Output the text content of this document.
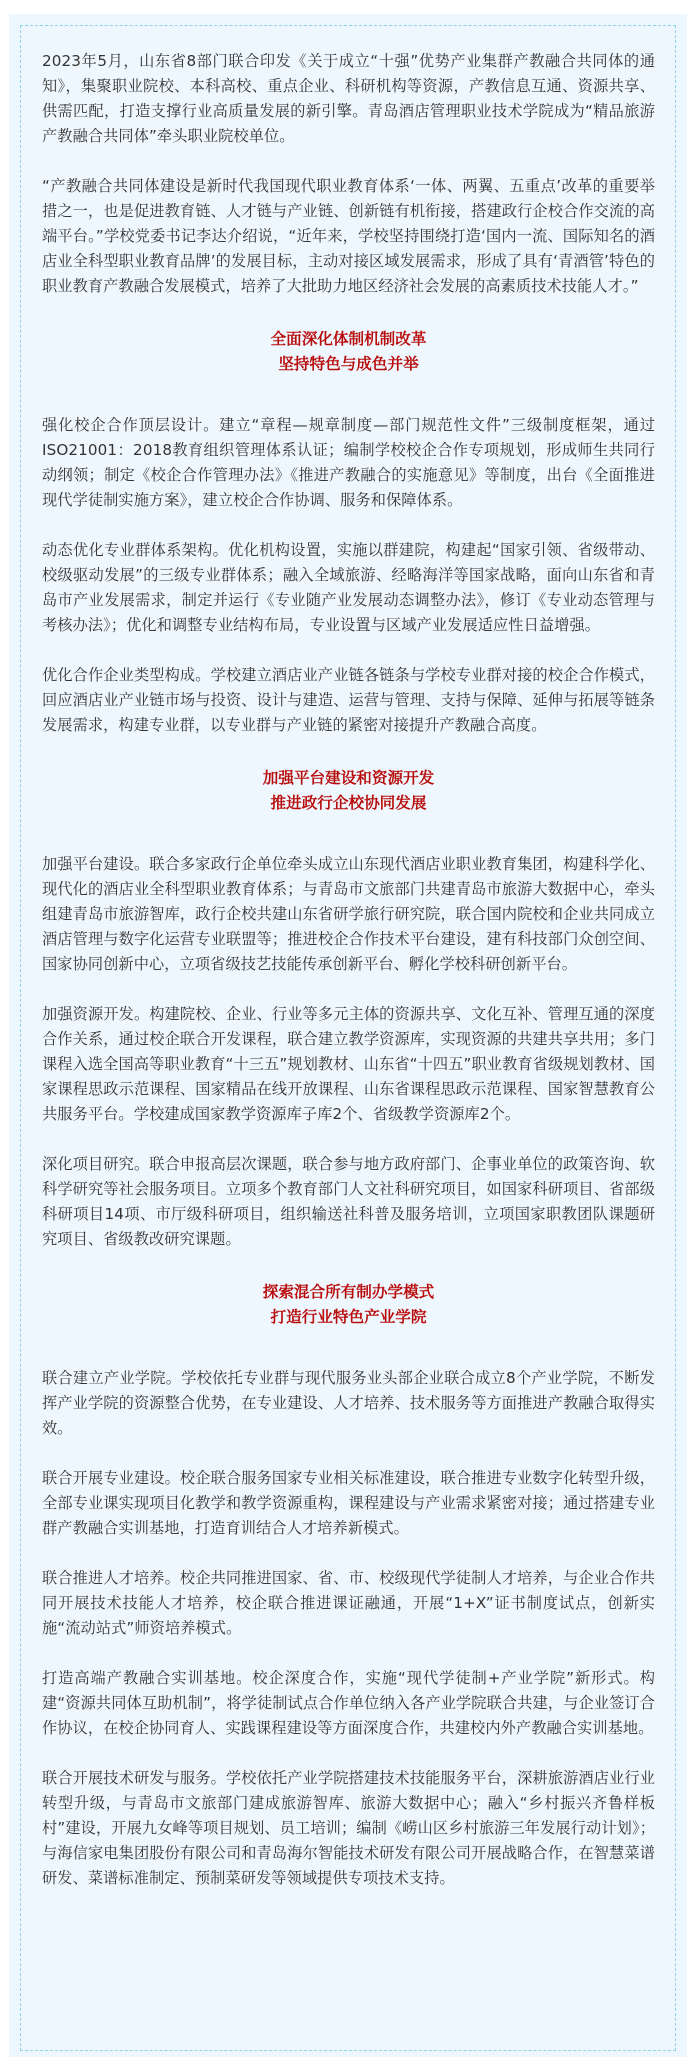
2023年5月，山东省8部门联合印发《关于成立“十强”优势产业集群产教融合共同体的通知》，集聚职业院校、本科高校、重点企业、科研机构等资源，产教信息互通、资源共享、供需匹配，打造支撑行业高质量发展的新引擎。青岛酒店管理职业技术学院成为“精品旅游产教融合共同体”牵头职业院校单位。

“产教融合共同体建设是新时代我国现代职业教育体系‘一体、两翼、五重点’改革的重要举措之一，也是促进教育链、人才链与产业链、创新链有机衔接，搭建政行企校合作交流的高端平台。”学校党委书记李达介绍说，“近年来，学校坚持围绕打造‘国内一流、国际知名的酒店业全科型职业教育品牌’的发展目标，主动对接区域发展需求，形成了具有‘青酒管’特色的职业教育产教融合发展模式，培养了大批助力地区经济社会发展的高素质技术技能人才。”

全面深化体制机制改革
坚持特色与成色并举

强化校企合作顶层设计。建立“章程—规章制度—部门规范性文件”三级制度框架，通过ISO21001：2018教育组织管理体系认证；编制学校校企合作专项规划，形成师生共同行动纲领；制定《校企合作管理办法》《推进产教融合的实施意见》等制度，出台《全面推进现代学徒制实施方案》，建立校企合作协调、服务和保障体系。

动态优化专业群体系架构。优化机构设置，实施以群建院，构建起“国家引领、省级带动、校级驱动发展”的三级专业群体系；融入全域旅游、经略海洋等国家战略，面向山东省和青岛市产业发展需求，制定并运行《专业随产业发展动态调整办法》，修订《专业动态管理与考核办法》；优化和调整专业结构布局，专业设置与区域产业发展适应性日益增强。

优化合作企业类型构成。学校建立酒店业产业链各链条与学校专业群对接的校企合作模式，回应酒店业产业链市场与投资、设计与建造、运营与管理、支持与保障、延伸与拓展等链条发展需求，构建专业群，以专业群与产业链的紧密对接提升产教融合高度。

加强平台建设和资源开发
推进政行企校协同发展

加强平台建设。联合多家政行企单位牵头成立山东现代酒店业职业教育集团，构建科学化、现代化的酒店业全科型职业教育体系；与青岛市文旅部门共建青岛市旅游大数据中心，牵头组建青岛市旅游智库，政行企校共建山东省研学旅行研究院，联合国内院校和企业共同成立酒店管理与数字化运营专业联盟等；推进校企合作技术平台建设，建有科技部门众创空间、国家协同创新中心，立项省级技艺技能传承创新平台、孵化学校科研创新平台。

加强资源开发。构建院校、企业、行业等多元主体的资源共享、文化互补、管理互通的深度合作关系，通过校企联合开发课程，联合建立教学资源库，实现资源的共建共享共用；多门课程入选全国高等职业教育“十三五”规划教材、山东省“十四五”职业教育省级规划教材、国家课程思政示范课程、国家精品在线开放课程、山东省课程思政示范课程、国家智慧教育公共服务平台。学校建成国家教学资源库子库2个、省级教学资源库2个。

深化项目研究。联合申报高层次课题，联合参与地方政府部门、企事业单位的政策咨询、软科学研究等社会服务项目。立项多个教育部门人文社科研究项目，如国家科研项目、省部级科研项目14项、市厅级科研项目，组织输送社科普及服务培训，立项国家职教团队课题研究项目、省级教改研究课题。

探索混合所有制办学模式
打造行业特色产业学院

联合建立产业学院。学校依托专业群与现代服务业头部企业联合成立8个产业学院，不断发挥产业学院的资源整合优势，在专业建设、人才培养、技术服务等方面推进产教融合取得实效。

联合开展专业建设。校企联合服务国家专业相关标准建设，联合推进专业数字化转型升级，全部专业课实现项目化教学和教学资源重构，课程建设与产业需求紧密对接；通过搭建专业群产教融合实训基地，打造育训结合人才培养新模式。

联合推进人才培养。校企共同推进国家、省、市、校级现代学徒制人才培养，与企业合作共同开展技术技能人才培养，校企联合推进课证融通，开展“1+X”证书制度试点，创新实施“流动站式”师资培养模式。

打造高端产教融合实训基地。校企深度合作，实施“现代学徒制+产业学院”新形式。构建“资源共同体互助机制”，将学徒制试点合作单位纳入各产业学院联合共建，与企业签订合作协议，在校企协同育人、实践课程建设等方面深度合作，共建校内外产教融合实训基地。

联合开展技术研发与服务。学校依托产业学院搭建技术技能服务平台，深耕旅游酒店业行业转型升级，与青岛市文旅部门建成旅游智库、旅游大数据中心；融入“乡村振兴齐鲁样板村”建设，开展九女峰等项目规划、员工培训；编制《崂山区乡村旅游三年发展行动计划》；与海信家电集团股份有限公司和青岛海尔智能技术研发有限公司开展战略合作，在智慧菜谱研发、菜谱标准制定、预制菜研发等领域提供专项技术支持。
